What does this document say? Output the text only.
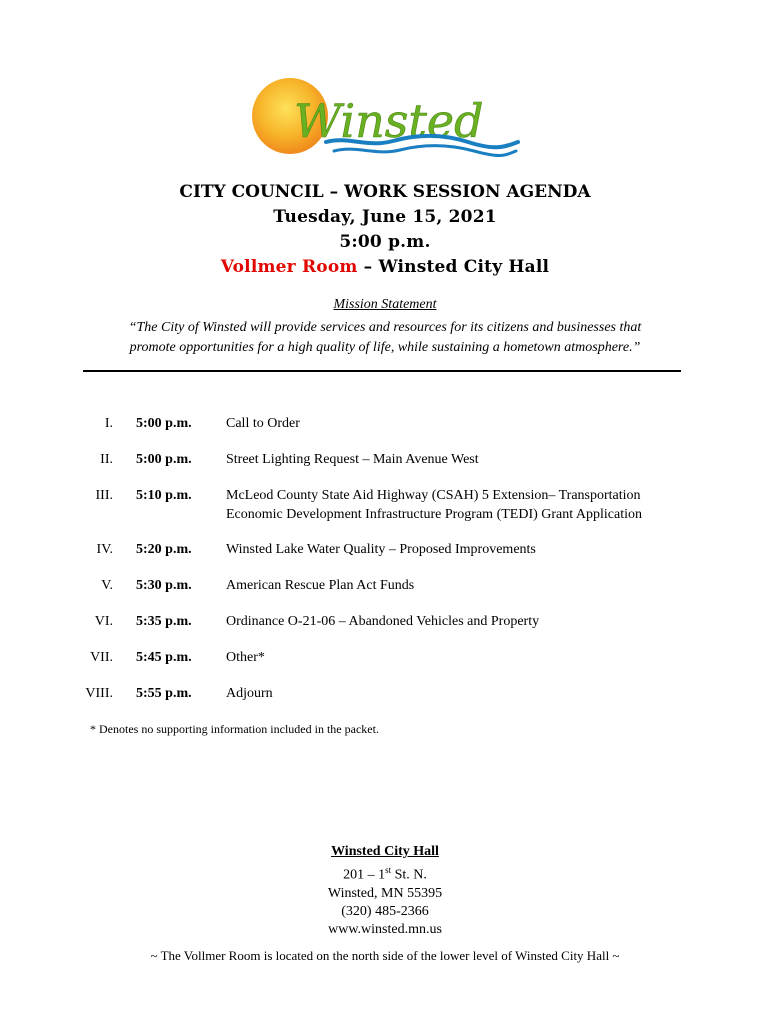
Winsted
CITY COUNCIL – WORK SESSION AGENDA
Tuesday, June 15, 2021
5:00 p.m.
Vollmer Room – Winsted City Hall
Mission Statement
“The City of Winsted will provide services and resources for its citizens and businesses that
promote opportunities for a high quality of life, while sustaining a hometown atmosphere.”
I. 5:00 p.m. Call to Order
II. 5:00 p.m. Street Lighting Request – Main Avenue West
III. 5:10 p.m. McLeod County State Aid Highway (CSAH) 5 Extension– Transportation
Economic Development Infrastructure Program (TEDI) Grant Application
IV. 5:20 p.m. Winsted Lake Water Quality – Proposed Improvements
V. 5:30 p.m. American Rescue Plan Act Funds
VI. 5:35 p.m. Ordinance O-21-06 – Abandoned Vehicles and Property
VII. 5:45 p.m. Other*
VIII. 5:55 p.m. Adjourn
* Denotes no supporting information included in the packet.
Winsted City Hall
201 – 1st St. N.
Winsted, MN 55395
(320) 485-2366
www.winsted.mn.us
~ The Vollmer Room is located on the north side of the lower level of Winsted City Hall ~
